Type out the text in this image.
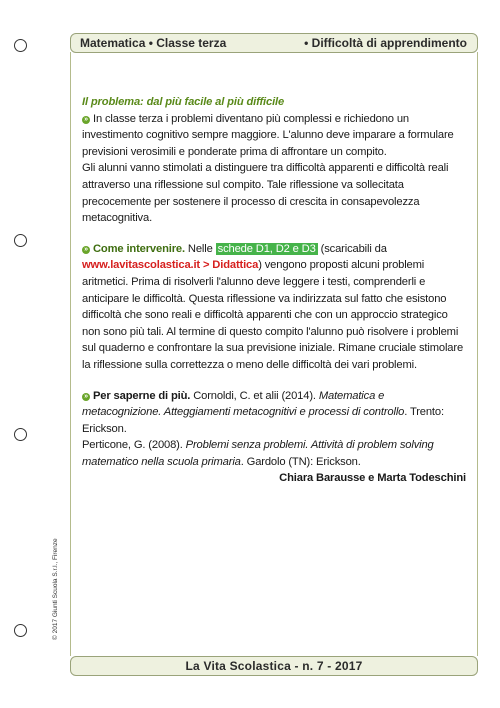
Matematica • Classe terza	• Difficoltà di apprendimento

Il problema: dal più facile al più difficile

» In classe terza i problemi diventano più complessi e richiedono un investimento cognitivo sempre maggiore. L'alunno deve imparare a formulare previsioni verosimili e ponderate prima di affrontare un compito.

Gli alunni vanno stimolati a distinguere tra difficoltà apparenti e difficoltà reali attraverso una riflessione sul compito. Tale riflessione va sollecitata precocemente per sostenere il processo di crescita in consapevolezza metacognitiva.

» Come intervenire. Nelle schede D1, D2 e D3 (scaricabili da www.lavitascolastica.it > Didattica) vengono proposti alcuni problemi aritmetici. Prima di risolverli l'alunno deve leggere i testi, comprenderli e anticipare le difficoltà. Questa riflessione va indirizzata sul fatto che esistono difficoltà che sono reali e difficoltà apparenti che con un approccio strategico non sono più tali. Al termine di questo compito l'alunno può risolvere i problemi sul quaderno e confrontare la sua previsione iniziale. Rimane cruciale stimolare la riflessione sulla correttezza o meno delle difficoltà dei vari problemi.

» Per saperne di più. Cornoldi, C. et alii (2014). Matematica e metacognizione. Atteggiamenti metacognitivi e processi di controllo. Trento: Erickson.

Perticone, G. (2008). Problemi senza problemi. Attività di problem solving matematico nella scuola primaria. Gardolo (TN): Erickson.

Chiara Barausse e Marta Todeschini

© 2017 Giunti Scuola S.r.l., Firenze
La Vita Scolastica - n. 7 - 2017
